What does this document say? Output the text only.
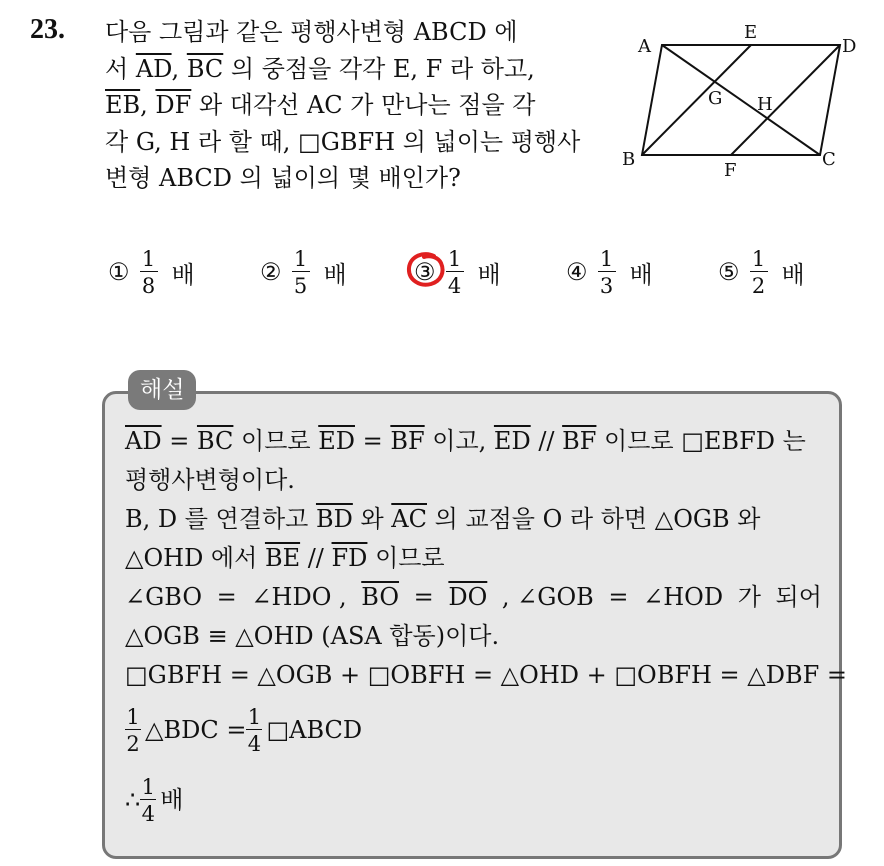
23. 다음 그림과 같은 평행사변형 ABCD 에
서 $\overline{AD}$, $\overline{BC}$ 의 중점을 각각 E, F 라 하고,
$\overline{EB}$, $\overline{DF}$ 와 대각선 AC 가 만나는 점을 각
각 G, H 라 할 때, □GBFH 의 넓이는 평행사
변형 ABCD 의 넓이의 몇 배인가?
A
E
D
G H
B
F
C
① $\frac{1}{8}$ 배	② $\frac{1}{5}$ 배	③ $\frac{1}{4}$ 배	④ $\frac{1}{3}$ 배	⑤ $\frac{1}{2}$ 배
해설
$\overline{AD} = \overline{BC}$ 이므로 $\overline{ED} = \overline{BF}$ 이고, $\overline{ED} // \overline{BF}$ 이므로 □EBFD 는
평행사변형이다.
B, D 를 연결하고 $\overline{BD}$ 와 $\overline{AC}$ 의 교점을 O 라 하면 △OGB 와
△OHD 에서 $\overline{BE} // \overline{FD}$ 이므로
∠GBO = ∠HDO , $\overline{BO} = \overline{DO}$ , ∠GOB = ∠HOD 가 되어
△OGB ≡ △OHD (ASA 합동)이다.
□GBFH = △OGB + □OBFH = △OHD + □OBFH = △DBF =
$\frac{1}{2}$ △BDC = $\frac{1}{4}$ □ABCD
∴ $\frac{1}{4}$ 배
